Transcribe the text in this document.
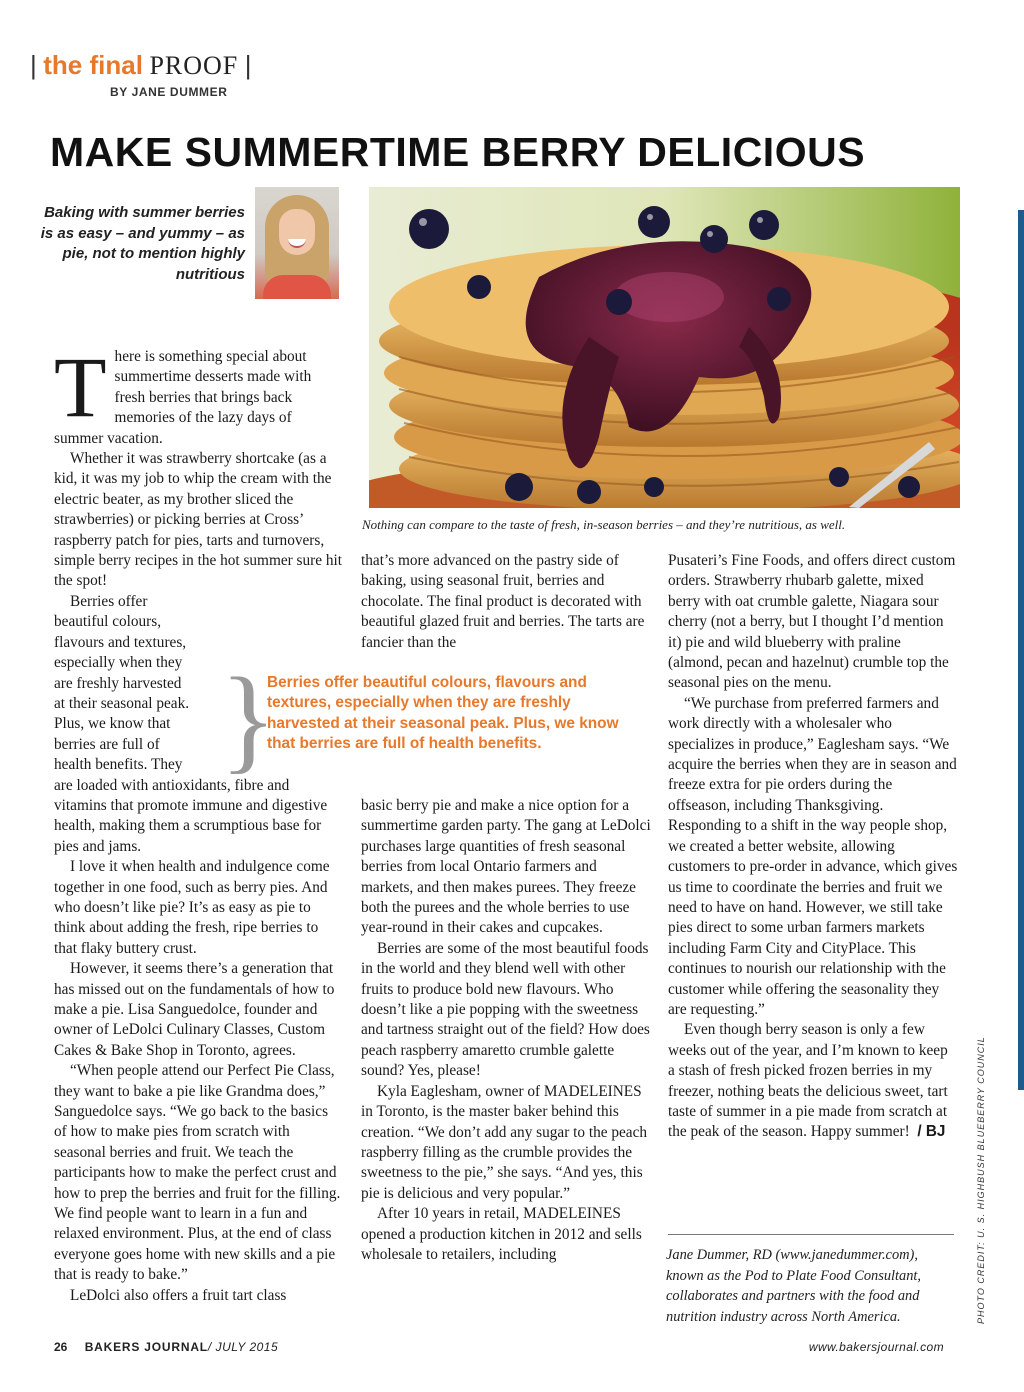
| the final PROOF |
BY JANE DUMMER
MAKE SUMMERTIME BERRY DELICIOUS
Baking with summer berries is as easy – and yummy – as pie, not to mention highly nutritious
Nothing can compare to the taste of fresh, in-season berries – and they’re nutritious, as well.
T here is something special about summertime desserts made with fresh berries that brings back memories of the lazy days of summer vacation.

Whether it was strawberry shortcake (as a kid, it was my job to whip the cream with the electric beater, as my brother sliced the strawberries) or picking berries at Cross’ raspberry patch for pies, tarts and turnovers, simple berry recipes in the hot summer sure hit the spot!

Berries offer beautiful colours, flavours and textures, especially when they are freshly harvested at their seasonal peak. Plus, we know that berries are full of health benefits. They are loaded with antioxidants, fibre and vitamins that promote immune and digestive health, making them a scrumptious base for pies and jams.

I love it when health and indulgence come together in one food, such as berry pies. And who doesn’t like pie? It’s as easy as pie to think about adding the fresh, ripe berries to that flaky buttery crust.

However, it seems there’s a generation that has missed out on the fundamentals of how to make a pie. Lisa Sanguedolce, founder and owner of LeDolci Culinary Classes, Custom Cakes & Bake Shop in Toronto, agrees.

“When people attend our Perfect Pie Class, they want to bake a pie like Grandma does,” Sanguedolce says. “We go back to the basics of how to make pies from scratch with seasonal berries and fruit. We teach the participants how to make the perfect crust and how to prep the berries and fruit for the filling. We find people want to learn in a fun and relaxed environment. Plus, at the end of class everyone goes home with new skills and a pie that is ready to bake.”

LeDolci also offers a fruit tart class

that’s more advanced on the pastry side of baking, using seasonal fruit, berries and chocolate. The final product is decorated with beautiful glazed fruit and berries. The tarts are fancier than the

basic berry pie and make a nice option for a summertime garden party. The gang at LeDolci purchases large quantities of fresh seasonal berries from local Ontario farmers and markets, and then makes purees. They freeze both the purees and the whole berries to use year-round in their cakes and cupcakes.

Berries are some of the most beautiful foods in the world and they blend well with other fruits to produce bold new flavours. Who doesn’t like a pie popping with the sweetness and tartness straight out of the field? How does peach raspberry amaretto crumble galette sound? Yes, please!

Kyla Eaglesham, owner of MADELEINES in Toronto, is the master baker behind this creation. “We don’t add any sugar to the peach raspberry filling as the crumble provides the sweetness to the pie,” she says. “And yes, this pie is delicious and very popular.”

After 10 years in retail, MADELEINES opened a production kitchen in 2012 and sells wholesale to retailers, including

}
Berries offer beautiful colours, flavours and textures, especially when they are freshly harvested at their seasonal peak. Plus, we know that berries are full of health benefits.

Pusateri’s Fine Foods, and offers direct custom orders. Strawberry rhubarb galette, mixed berry with oat crumble galette, Niagara sour cherry (not a berry, but I thought I’d mention it) pie and wild blueberry with praline (almond, pecan and hazelnut) crumble top the seasonal pies on the menu.

“We purchase from preferred farmers and work directly with a wholesaler who specializes in produce,” Eaglesham says. “We acquire the berries when they are in season and freeze extra for pie orders during the offseason, including Thanksgiving. Responding to a shift in the way people shop, we created a better website, allowing customers to pre-order in advance, which gives us time to coordinate the berries and fruit we need to have on hand. However, we still take pies direct to some urban farmers markets including Farm City and CityPlace. This continues to nourish our relationship with the customer while offering the seasonality they are requesting.”

Even though berry season is only a few weeks out of the year, and I’m known to keep a stash of fresh picked frozen berries in my freezer, nothing beats the delicious sweet, tart taste of summer in a pie made from scratch at the peak of the season. Happy summer! / BJ

Jane Dummer, RD (www.janedummer.com), known as the Pod to Plate Food Consultant, collaborates and partners with the food and nutrition industry across North America.	PHOTO CREDIT: U. S. HIGHBUSH BLUEBERRY COUNCIL
26 BAKERS JOURNAL/ JULY 2015	www.bakersjournal.com
